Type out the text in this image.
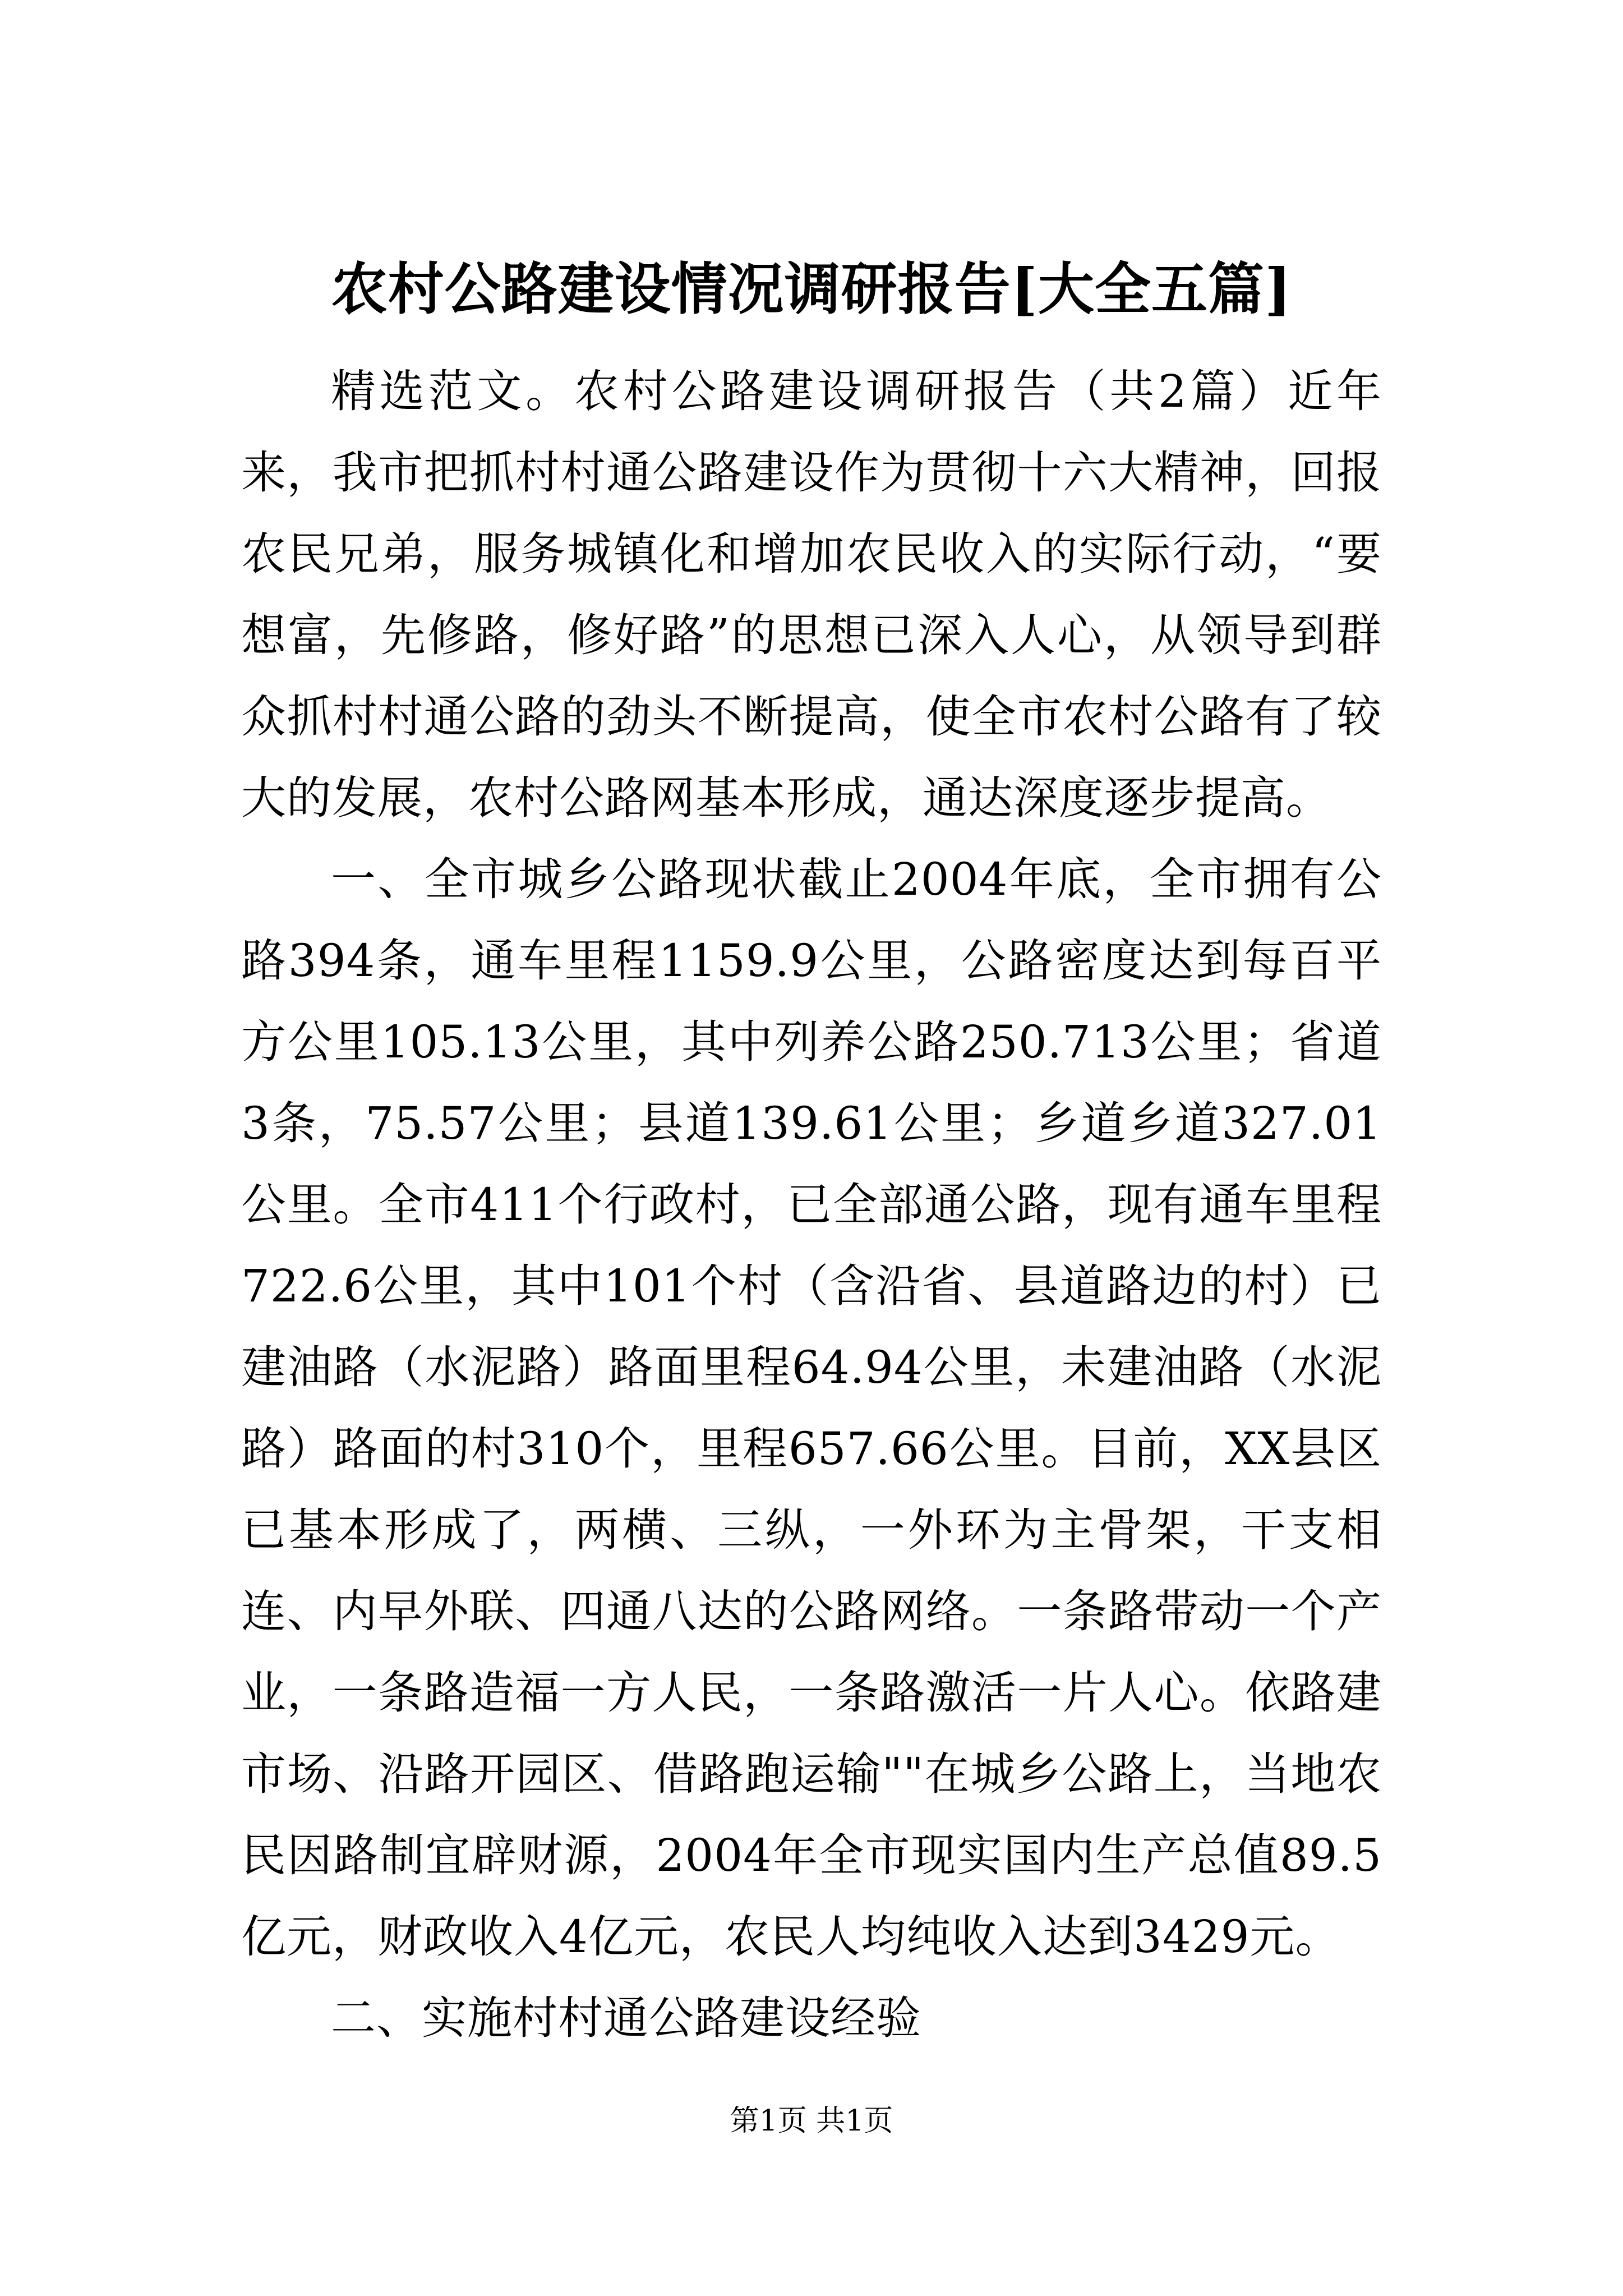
农村公路建设情况调研报告[大全五篇]

精选范文。农村公路建设调研报告（共2篇）近年来，我市把抓村村通公路建设作为贯彻十六大精神，回报农民兄弟，服务城镇化和增加农民收入的实际行动，“要想富，先修路，修好路”的思想已深入人心，从领导到群众抓村村通公路的劲头不断提高，使全市农村公路有了较大的发展，农村公路网基本形成，通达深度逐步提高。

一、全市城乡公路现状截止2004年底，全市拥有公路394条，通车里程1159.9公里，公路密度达到每百平方公里105.13公里，其中列养公路250.713公里；省道3条，75.57公里；县道139.61公里；乡道乡道327.01公里。全市411个行政村，已全部通公路，现有通车里程722.6公里，其中101个村（含沿省、县道路边的村）已建油路（水泥路）路面里程64.94公里，未建油路（水泥路）路面的村310个，里程657.66公里。目前，XX县区已基本形成了，两横、三纵，一外环为主骨架，干支相连、内早外联、四通八达的公路网络。一条路带动一个产业，一条路造福一方人民，一条路激活一片人心。依路建市场、沿路开园区、借路跑运输""在城乡公路上，当地农民因路制宜辟财源，2004年全市现实国内生产总值89.5亿元，财政收入4亿元，农民人均纯收入达到3429元。

二、实施村村通公路建设经验

第1页 共1页
